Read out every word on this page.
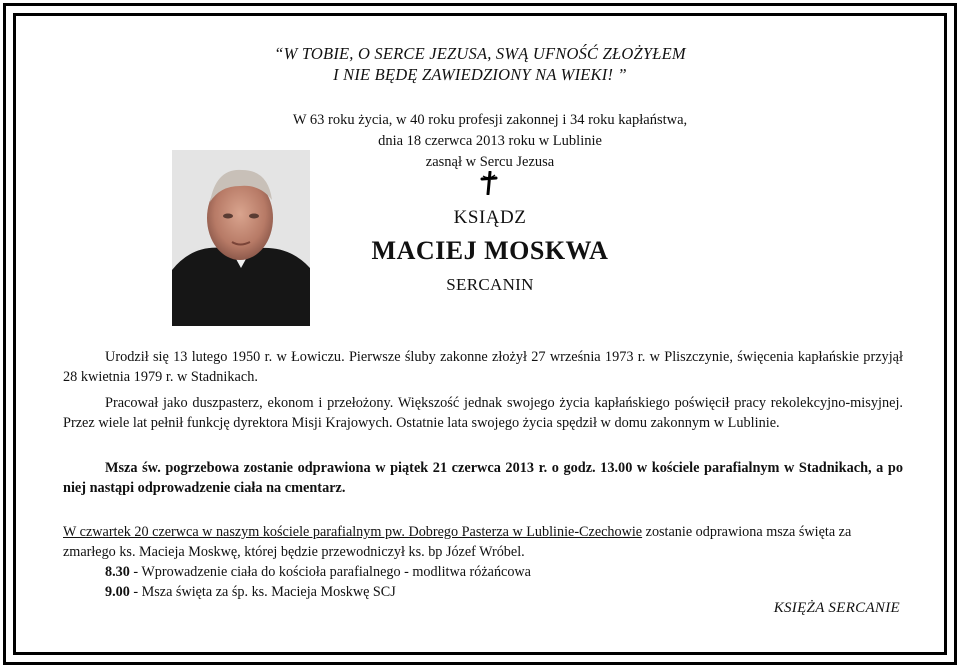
“W TOBIE, O SERCE JEZUSA, SWĄ UFNOŚĆ ZŁOŻYŁEM
I NIE BĘDĘ ZAWIEDZIONY NA WIEKI! ”
W 63 roku życia, w 40 roku profesji zakonnej i 34 roku kapłaństwa,
dnia 18 czerwca 2013 roku w Lublinie
zasnął w Sercu Jezusa
KSIĄDZ
MACIEJ MOSKWA
SERCANIN

Urodził się 13 lutego 1950 r. w Łowiczu. Pierwsze śluby zakonne złożył 27 września 1973 r. w Pliszczynie, święcenia kapłańskie przyjął 28 kwietnia 1979 r. w Stadnikach.

Pracował jako duszpasterz, ekonom i przełożony. Większość jednak swojego życia kapłańskiego poświęcił pracy rekolekcyjno-misyjnej. Przez wiele lat pełnił funkcję dyrektora Misji Krajowych. Ostatnie lata swojego życia spędził w domu zakonnym w Lublinie.

Msza św. pogrzebowa zostanie odprawiona w piątek 21 czerwca 2013 r. o godz. 13.00 w kościele parafialnym w Stadnikach, a po niej nastąpi odprowadzenie ciała na cmentarz.

W czwartek 20 czerwca w naszym kościele parafialnym pw. Dobrego Pasterza w Lublinie-Czechowie zostanie odprawiona msza święta za zmarłego ks. Macieja Moskwę, której będzie przewodniczył ks. bp Józef Wróbel.

8.30 - Wprowadzenie ciała do kościoła parafialnego - modlitwa różańcowa
9.00 - Msza święta za śp. ks. Macieja Moskwę SCJ
KSIĘŻA SERCANIE
